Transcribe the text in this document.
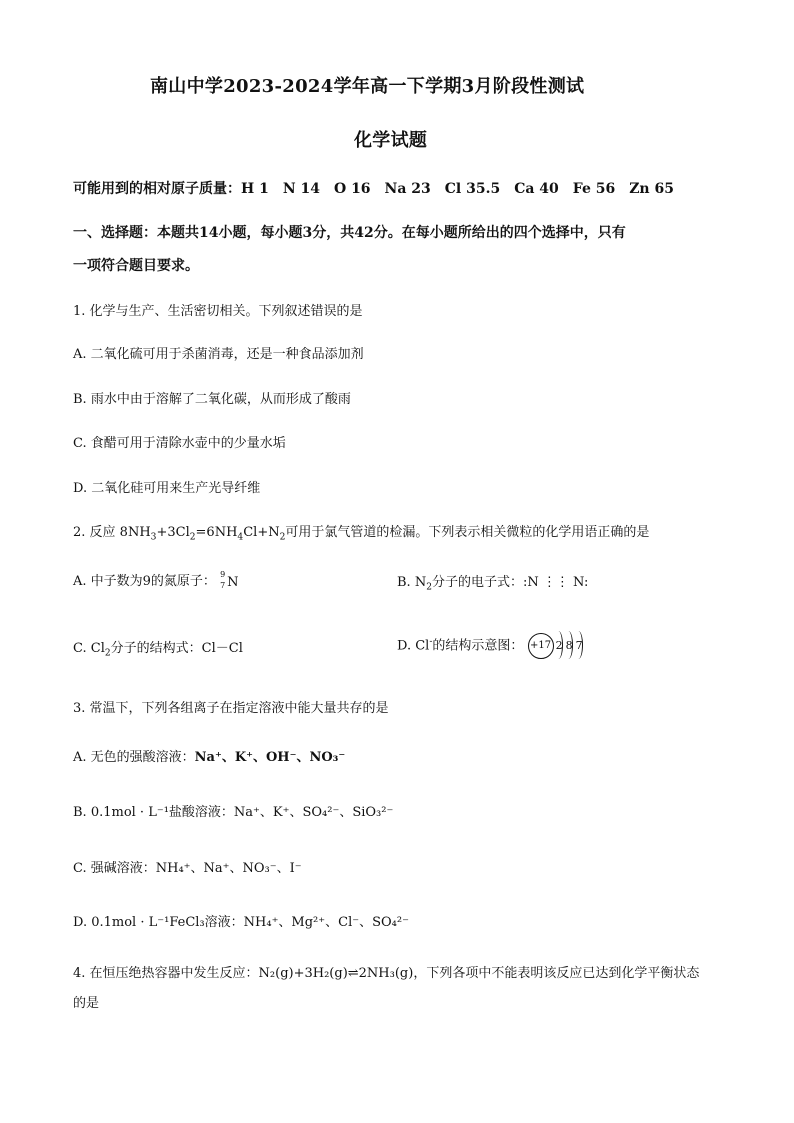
南山中学2023-2024学年高一下学期3月阶段性测试
化学试题
可能用到的相对原子质量：H 1　N 14　O 16　Na 23　Cl 35.5　Ca 40　Fe 56　Zn 65
一、选择题：本题共14小题，每小题3分，共42分。在每小题所给出的四个选择中，只有
一项符合题目要求。
1. 化学与生产、生活密切相关。下列叙述错误的是
A. 二氧化硫可用于杀菌消毒，还是一种食品添加剂
B. 雨水中由于溶解了二氧化碳，从而形成了酸雨
C. 食醋可用于清除水壶中的少量水垢
D. 二氧化硅可用来生产光导纤维
2. 反应 $8NH_3+3Cl_2=6NH_4Cl+N_2$可用于氯气管道的检漏。下列表示相关微粒的化学用语正确的是
A. 中子数为9的氮原子： 9
7 N	B. $N_2$分子的电子式：:N ⋮⋮ N:
C. $Cl_2$分子的结构式：Cl－Cl	D. Cl-的结构示意图： +17 2 8 7
3. 常温下，下列各组离子在指定溶液中能大量共存的是
A. 无色的强酸溶液：Na⁺、K⁺、OH⁻、NO₃⁻
B. 0.1mol · L⁻¹盐酸溶液：Na⁺、K⁺、SO₄²⁻、SiO₃²⁻
C. 强碱溶液：NH₄⁺、Na⁺、NO₃⁻、I⁻
D. 0.1mol · L⁻¹FeCl₃溶液：NH₄⁺、Mg²⁺、Cl⁻、SO₄²⁻
4. 在恒压绝热容器中发生反应：N₂(g)+3H₂(g)⇌2NH₃(g)，下列各项中不能表明该反应已达到化学平衡状态
的是
